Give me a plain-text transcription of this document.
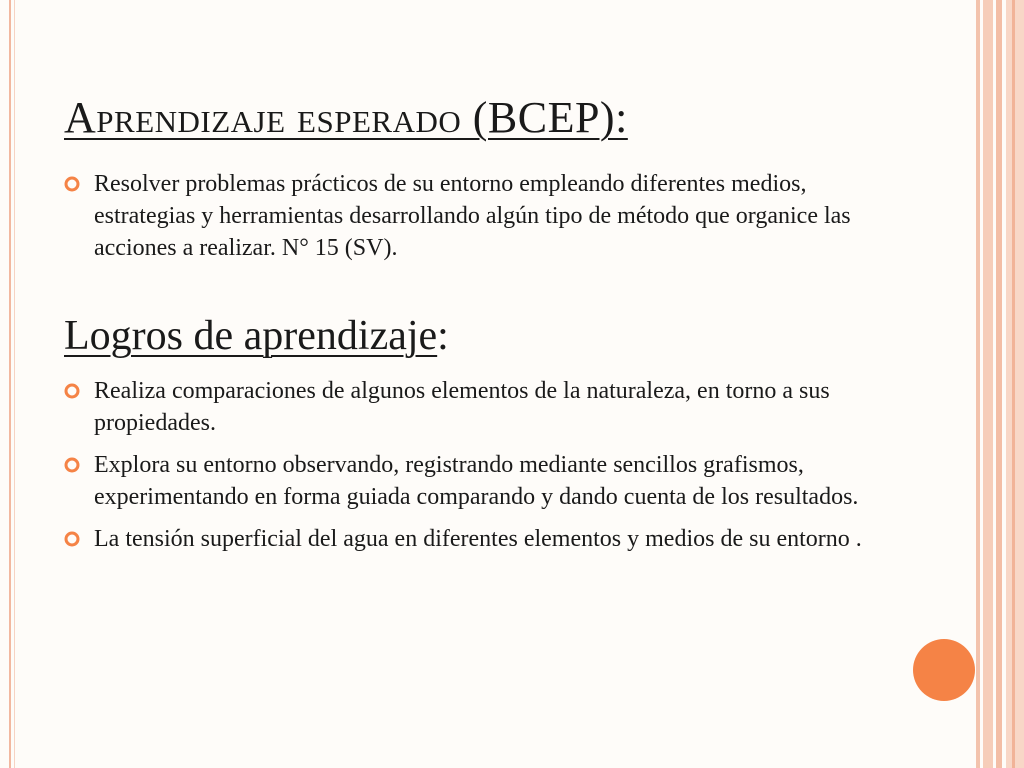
Aprendizaje esperado (BCEP):
Resolver problemas prácticos de su entorno empleando diferentes medios, estrategias y herramientas desarrollando algún tipo de método que organice las acciones a realizar. N° 15 (SV).
Logros de aprendizaje:
Realiza comparaciones de algunos elementos de la naturaleza, en torno a sus propiedades.
Explora su entorno observando, registrando mediante sencillos grafismos, experimentando en forma guiada comparando y dando cuenta de los resultados.
La tensión superficial del agua en diferentes elementos y medios de su entorno .
